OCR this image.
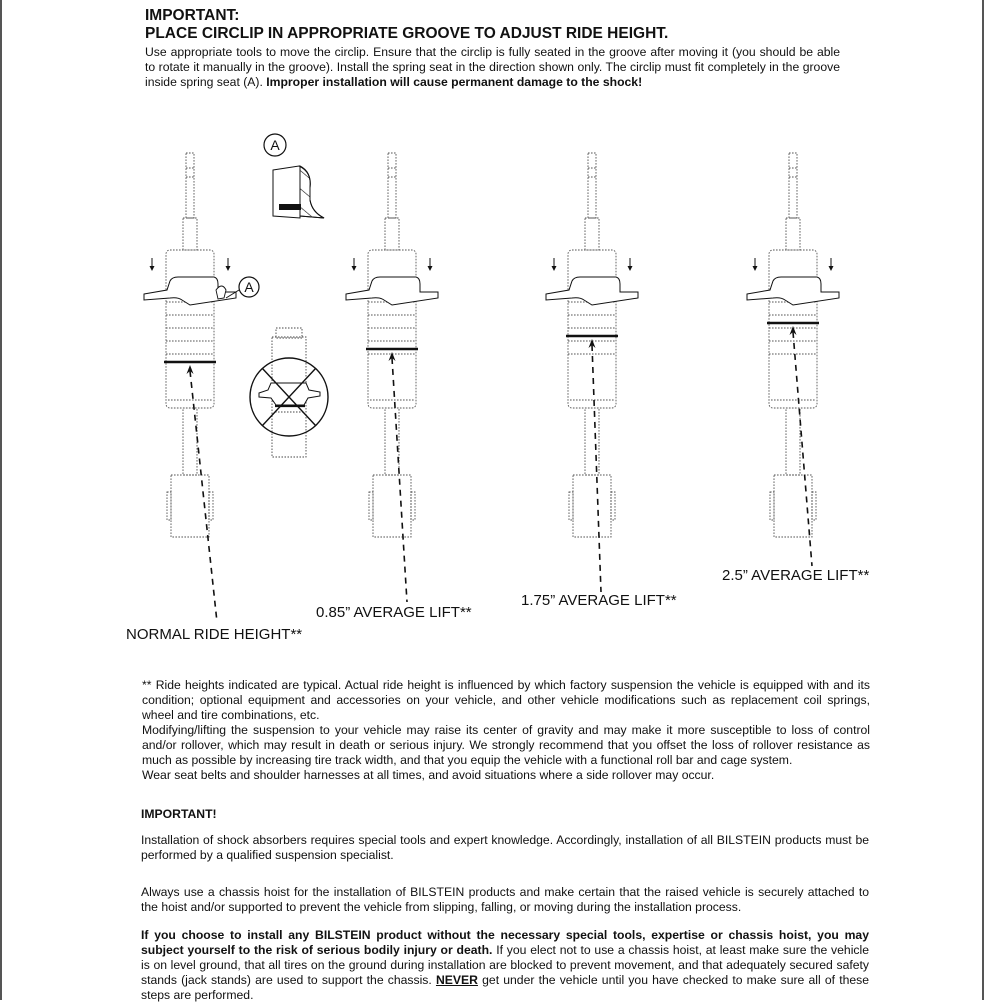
IMPORTANT:

PLACE CIRCLIP IN APPROPRIATE GROOVE TO ADJUST RIDE HEIGHT.

Use appropriate tools to move the circlip. Ensure that the circlip is fully seated in the groove after moving it (you should be able to rotate it manually in the groove). Install the spring seat in the direction shown only. The circlip must fit completely in the groove inside spring seat (A). Improper installation will cause permanent damage to the shock!

A
A
NORMAL RIDE HEIGHT**
0.85” AVERAGE LIFT**
1.75” AVERAGE LIFT**
2.5” AVERAGE LIFT**

** Ride heights indicated are typical. Actual ride height is influenced by which factory suspension the vehicle is equipped with and its condition; optional equipment and accessories on your vehicle, and other vehicle modifications such as replacement coil springs, wheel and tire combinations, etc.

Modifying/lifting the suspension to your vehicle may raise its center of gravity and may make it more susceptible to loss of control and/or rollover, which may result in death or serious injury. We strongly recommend that you offset the loss of rollover resistance as much as possible by increasing tire track width, and that you equip the vehicle with a functional roll bar and cage system.

Wear seat belts and shoulder harnesses at all times, and avoid situations where a side rollover may occur.

IMPORTANT!

Installation of shock absorbers requires special tools and expert knowledge. Accordingly, installation of all BILSTEIN products must be performed by a qualified suspension specialist.

Always use a chassis hoist for the installation of BILSTEIN products and make certain that the raised vehicle is securely attached to the hoist and/or supported to prevent the vehicle from slipping, falling, or moving during the installation process.

If you choose to install any BILSTEIN product without the necessary special tools, expertise or chassis hoist, you may subject yourself to the risk of serious bodily injury or death. If you elect not to use a chassis hoist, at least make sure the vehicle is on level ground, that all tires on the ground during installation are blocked to prevent movement, and that adequately secured safety stands (jack stands) are used to support the chassis. NEVER get under the vehicle until you have checked to make sure all of these steps are performed.
